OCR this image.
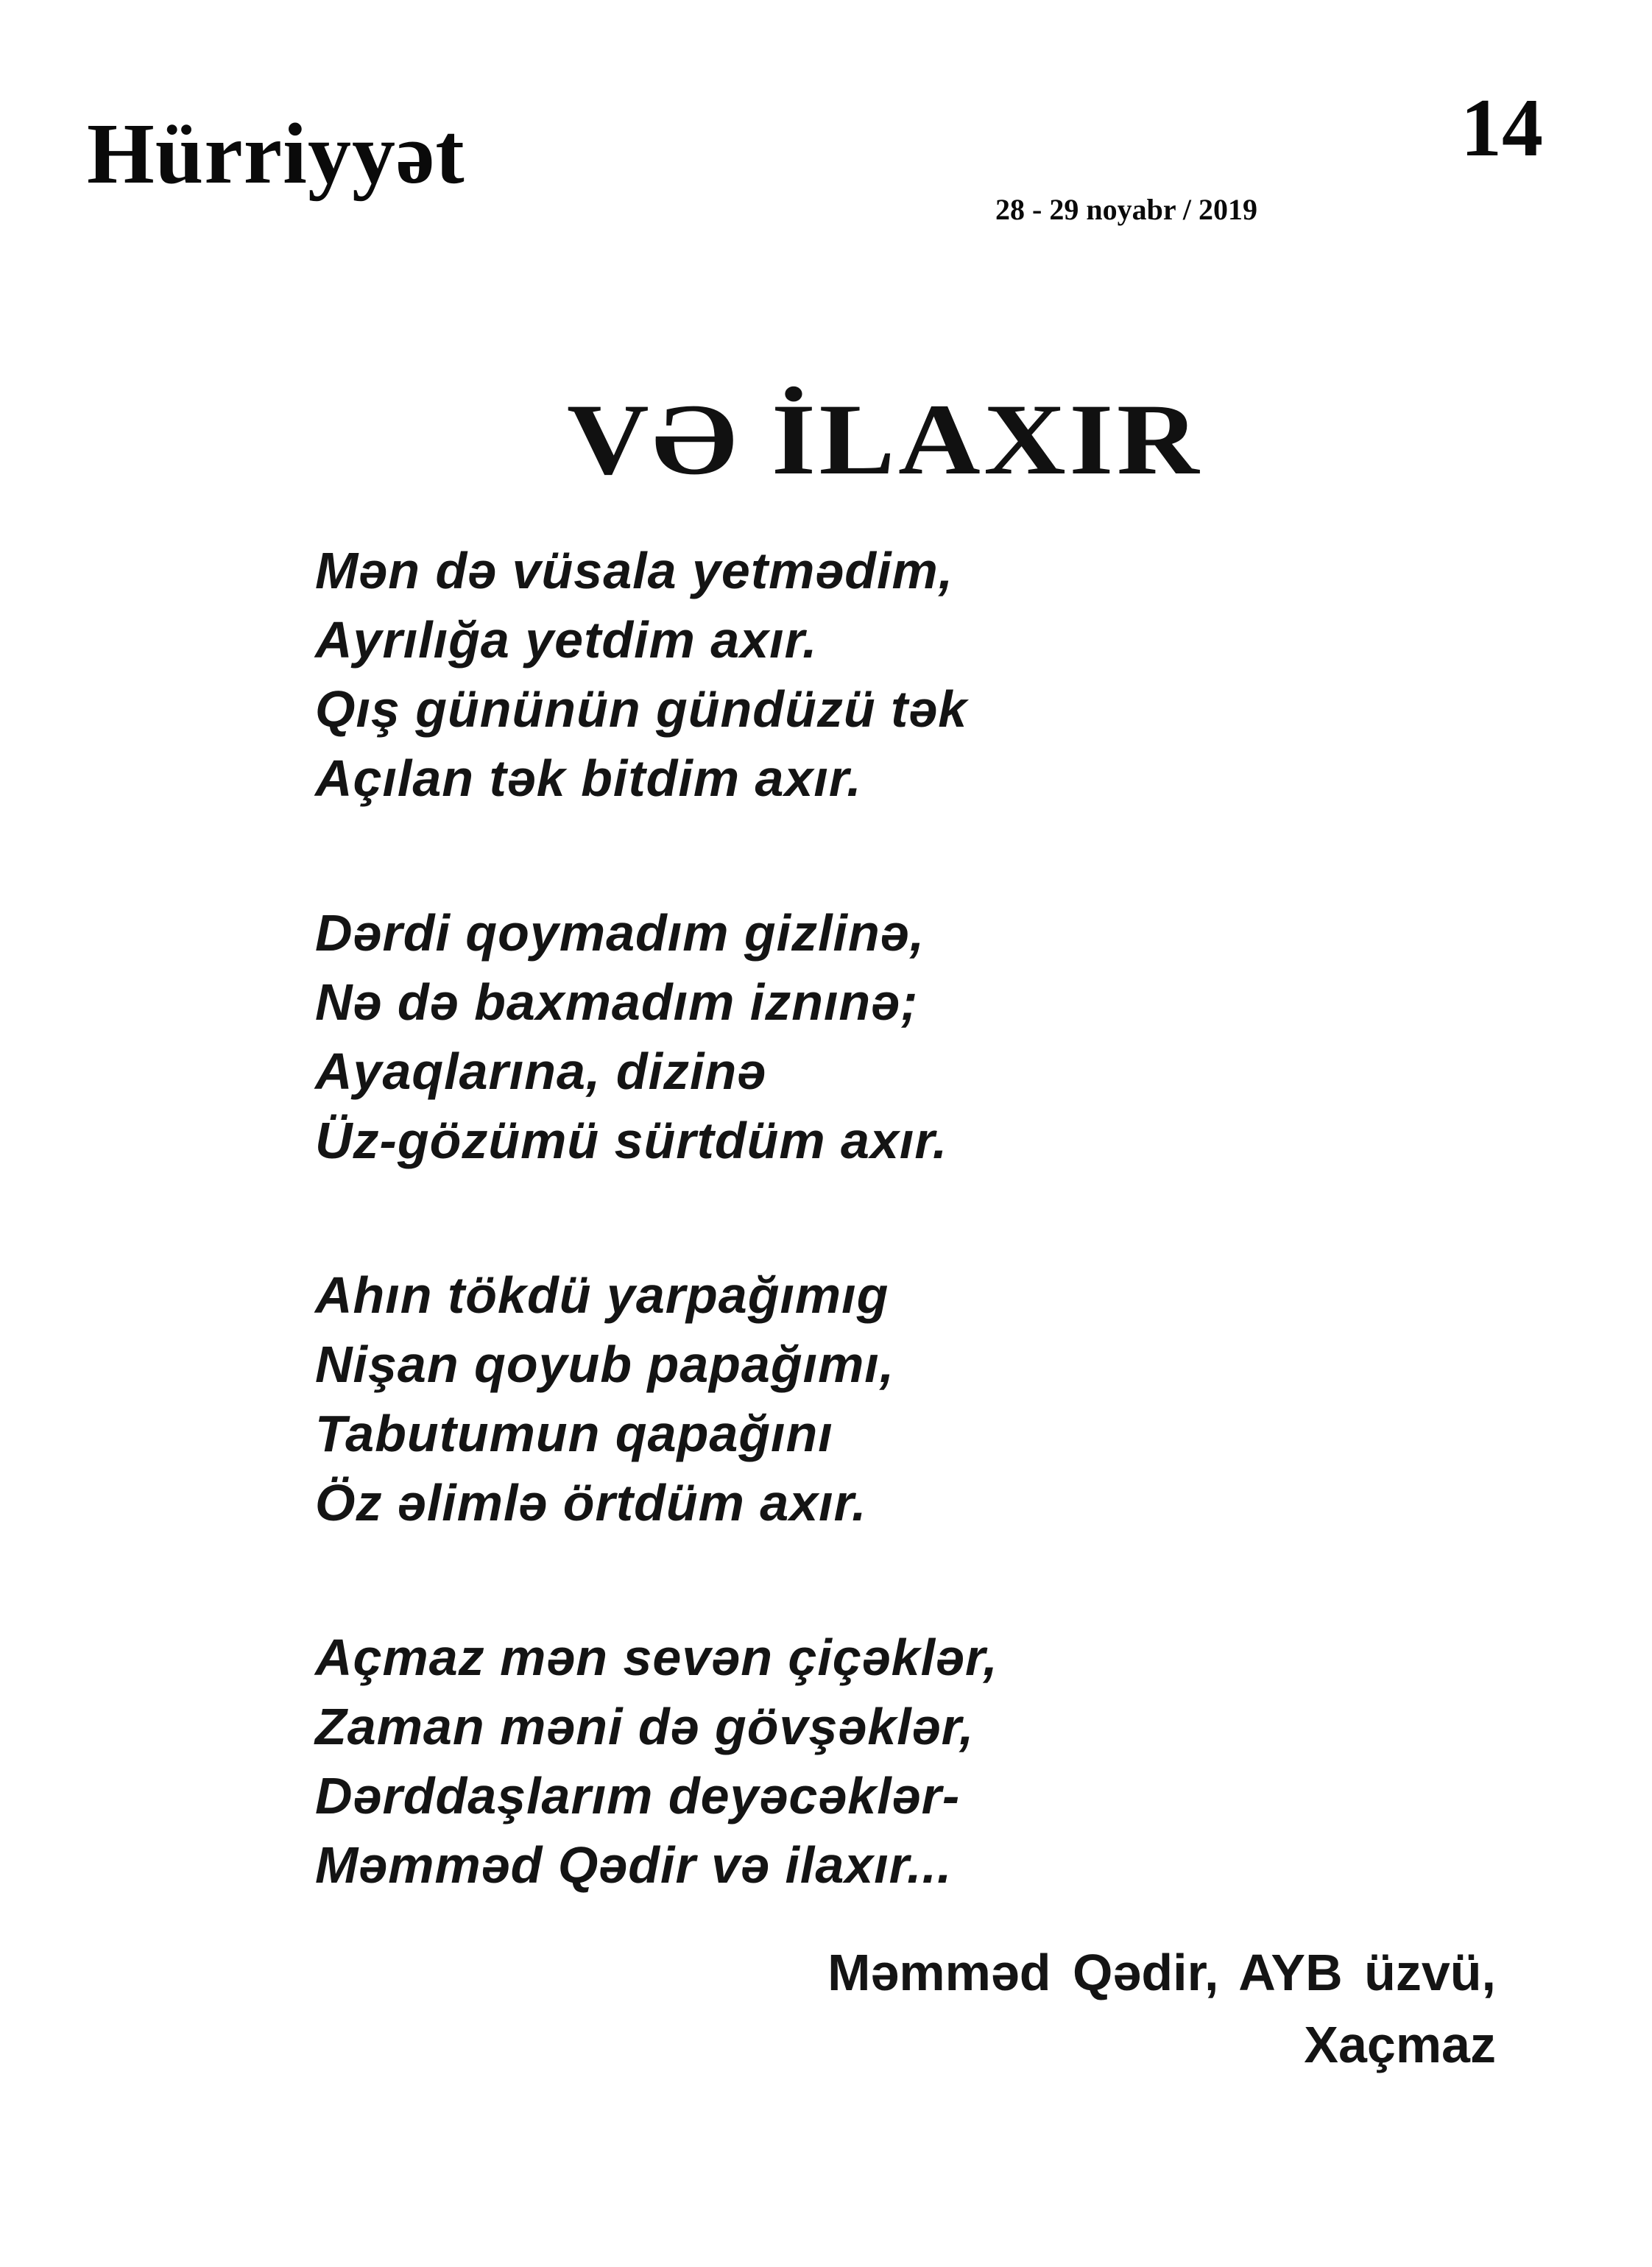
Hürriyyət	14
28 - 29 noyabr / 2019
VƏ İLAXIR
Mən də vüsala yetmədim,
Ayrılığa yetdim axır.
Qış gününün gündüzü tək
Açılan tək bitdim axır.
Dərdi qoymadım gizlinə,
Nə də baxmadım iznınə;
Ayaqlarına, dizinə
Üz-gözümü sürtdüm axır.
Ahın tökdü yarpağımıg
Nişan qoyub papağımı,
Tabutumun qapağını
Öz əlimlə örtdüm axır.
Açmaz mən sevən çiçəklər,
Zaman məni də gövşəklər,
Dərddaşlarım deyəcəklər-
Məmməd Qədir və ilaxır...
Məmməd Qədir, AYB üzvü,
Xaçmaz
